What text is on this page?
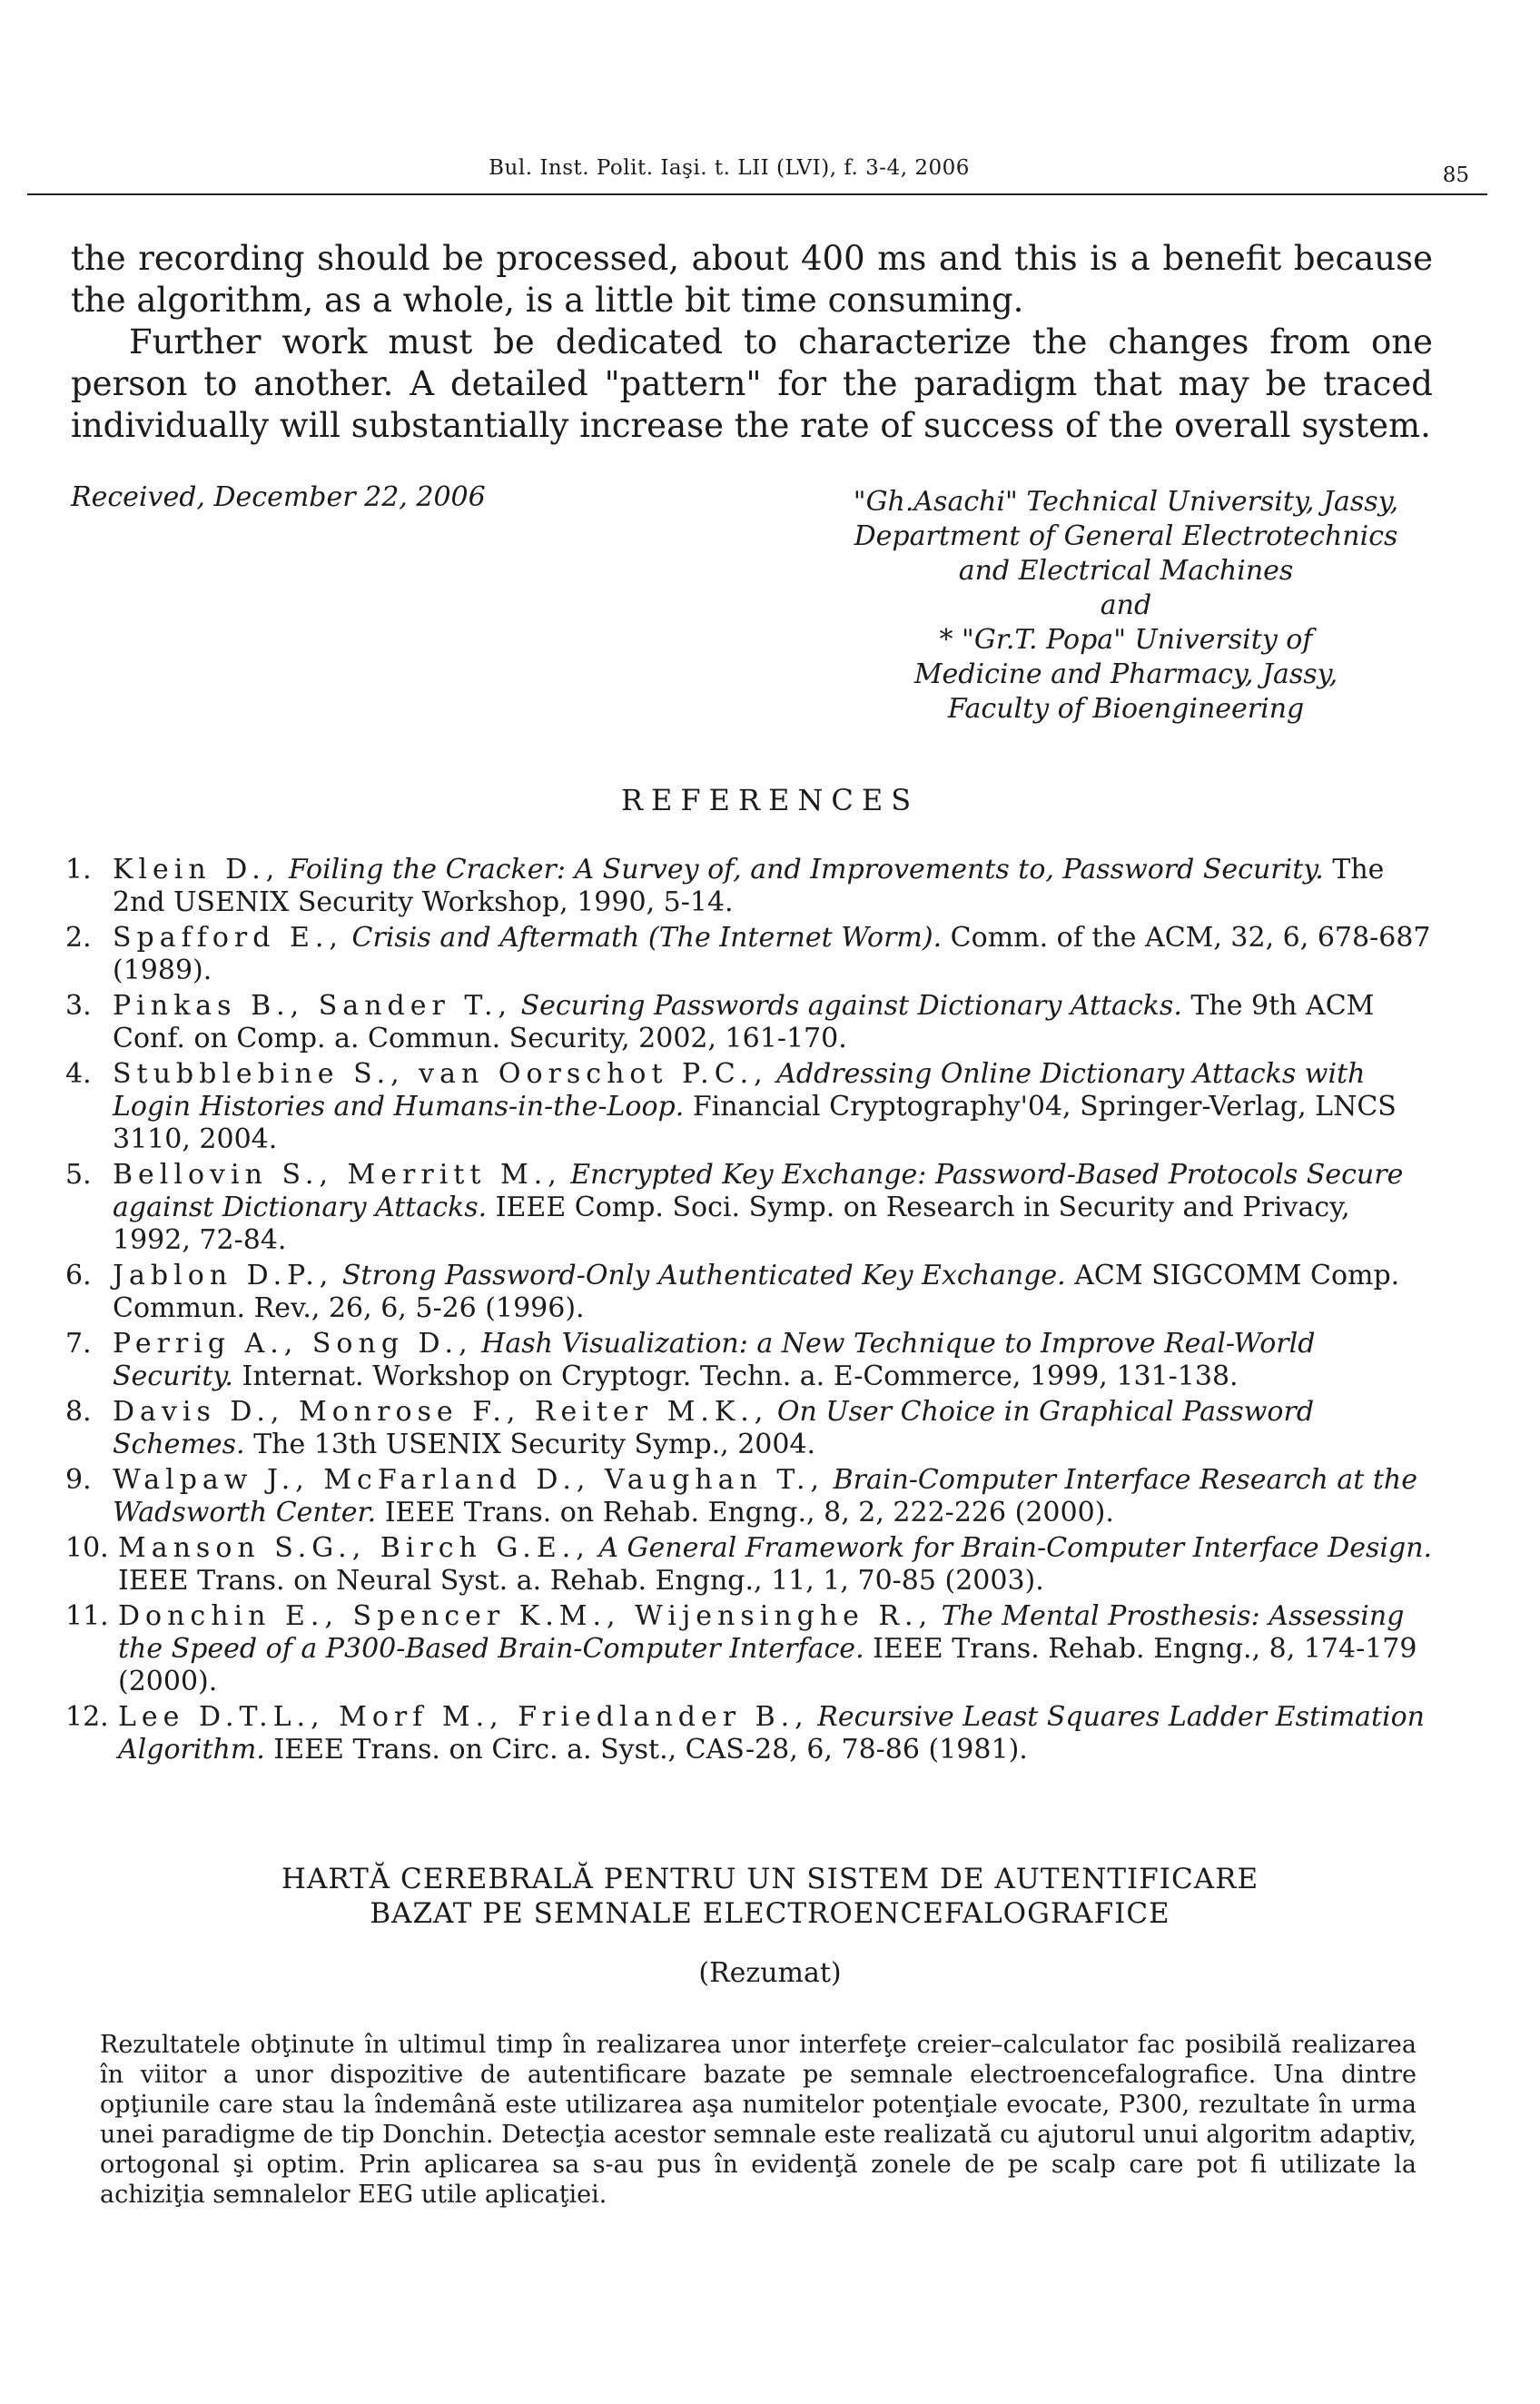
Bul. Inst. Polit. Iaşi. t. LII (LVI), f. 3-4, 2006	85

the recording should be processed, about 400 ms and this is a benefit because the algorithm, as a whole, is a little bit time consuming.

Further work must be dedicated to characterize the changes from one person to another. A detailed "pattern" for the paradigm that may be traced individually will substantially increase the rate of success of the overall system.

Received, December 22, 2006	"Gh.Asachi" Technical University, Jassy,
Department of General Electrotechnics
and Electrical Machines
and
* "Gr.T. Popa" University of
Medicine and Pharmacy, Jassy,
Faculty of Bioengineering
REFERENCES
1. Klein D., Foiling the Cracker: A Survey of, and Improvements to, Password Security. The 2nd USENIX Security Workshop, 1990, 5-14.
2. Spafford E., Crisis and Aftermath (The Internet Worm). Comm. of the ACM, 32, 6, 678-687 (1989).
3. Pinkas B., Sander T., Securing Passwords against Dictionary Attacks. The 9th ACM Conf. on Comp. a. Commun. Security, 2002, 161-170.
4. Stubblebine S., van Oorschot P.C., Addressing Online Dictionary Attacks with Login Histories and Humans-in-the-Loop. Financial Cryptography'04, Springer-Verlag, LNCS 3110, 2004.
5. Bellovin S., Merritt M., Encrypted Key Exchange: Password-Based Protocols Secure against Dictionary Attacks. IEEE Comp. Soci. Symp. on Research in Security and Privacy, 1992, 72-84.
6. Jablon D.P., Strong Password-Only Authenticated Key Exchange. ACM SIGCOMM Comp. Commun. Rev., 26, 6, 5-26 (1996).
7. Perrig A., Song D., Hash Visualization: a New Technique to Improve Real-World Security. Internat. Workshop on Cryptogr. Techn. a. E-Commerce, 1999, 131-138.
8. Davis D., Monrose F., Reiter M.K., On User Choice in Graphical Password Schemes. The 13th USENIX Security Symp., 2004.
9. Walpaw J., McFarland D., Vaughan T., Brain-Computer Interface Research at the Wadsworth Center. IEEE Trans. on Rehab. Engng., 8, 2, 222-226 (2000).
10. Manson S.G., Birch G.E., A General Framework for Brain-Computer Interface Design. IEEE Trans. on Neural Syst. a. Rehab. Engng., 11, 1, 70-85 (2003).
11. Donchin E., Spencer K.M., Wijensinghe R., The Mental Prosthesis: Assessing the Speed of a P300-Based Brain-Computer Interface. IEEE Trans. Rehab. Engng., 8, 174-179 (2000).
12. Lee D.T.L., Morf M., Friedlander B., Recursive Least Squares Ladder Estimation Algorithm. IEEE Trans. on Circ. a. Syst., CAS-28, 6, 78-86 (1981).
HARTĂ CEREBRALĂ PENTRU UN SISTEM DE AUTENTIFICARE
BAZAT PE SEMNALE ELECTROENCEFALOGRAFICE
(Rezumat)
Rezultatele obţinute în ultimul timp în realizarea unor interfeţe creier–calculator fac posibilă realizarea în viitor a unor dispozitive de autentificare bazate pe semnale electroencefalografice. Una dintre opţiunile care stau la îndemână este utilizarea aşa numitelor potenţiale evocate, P300, rezultate în urma unei paradigme de tip Donchin. Detecţia acestor semnale este realizată cu ajutorul unui algoritm adaptiv, ortogonal şi optim. Prin aplicarea sa s-au pus în evidenţă zonele de pe scalp care pot fi utilizate la achiziţia semnalelor EEG utile aplicaţiei.
